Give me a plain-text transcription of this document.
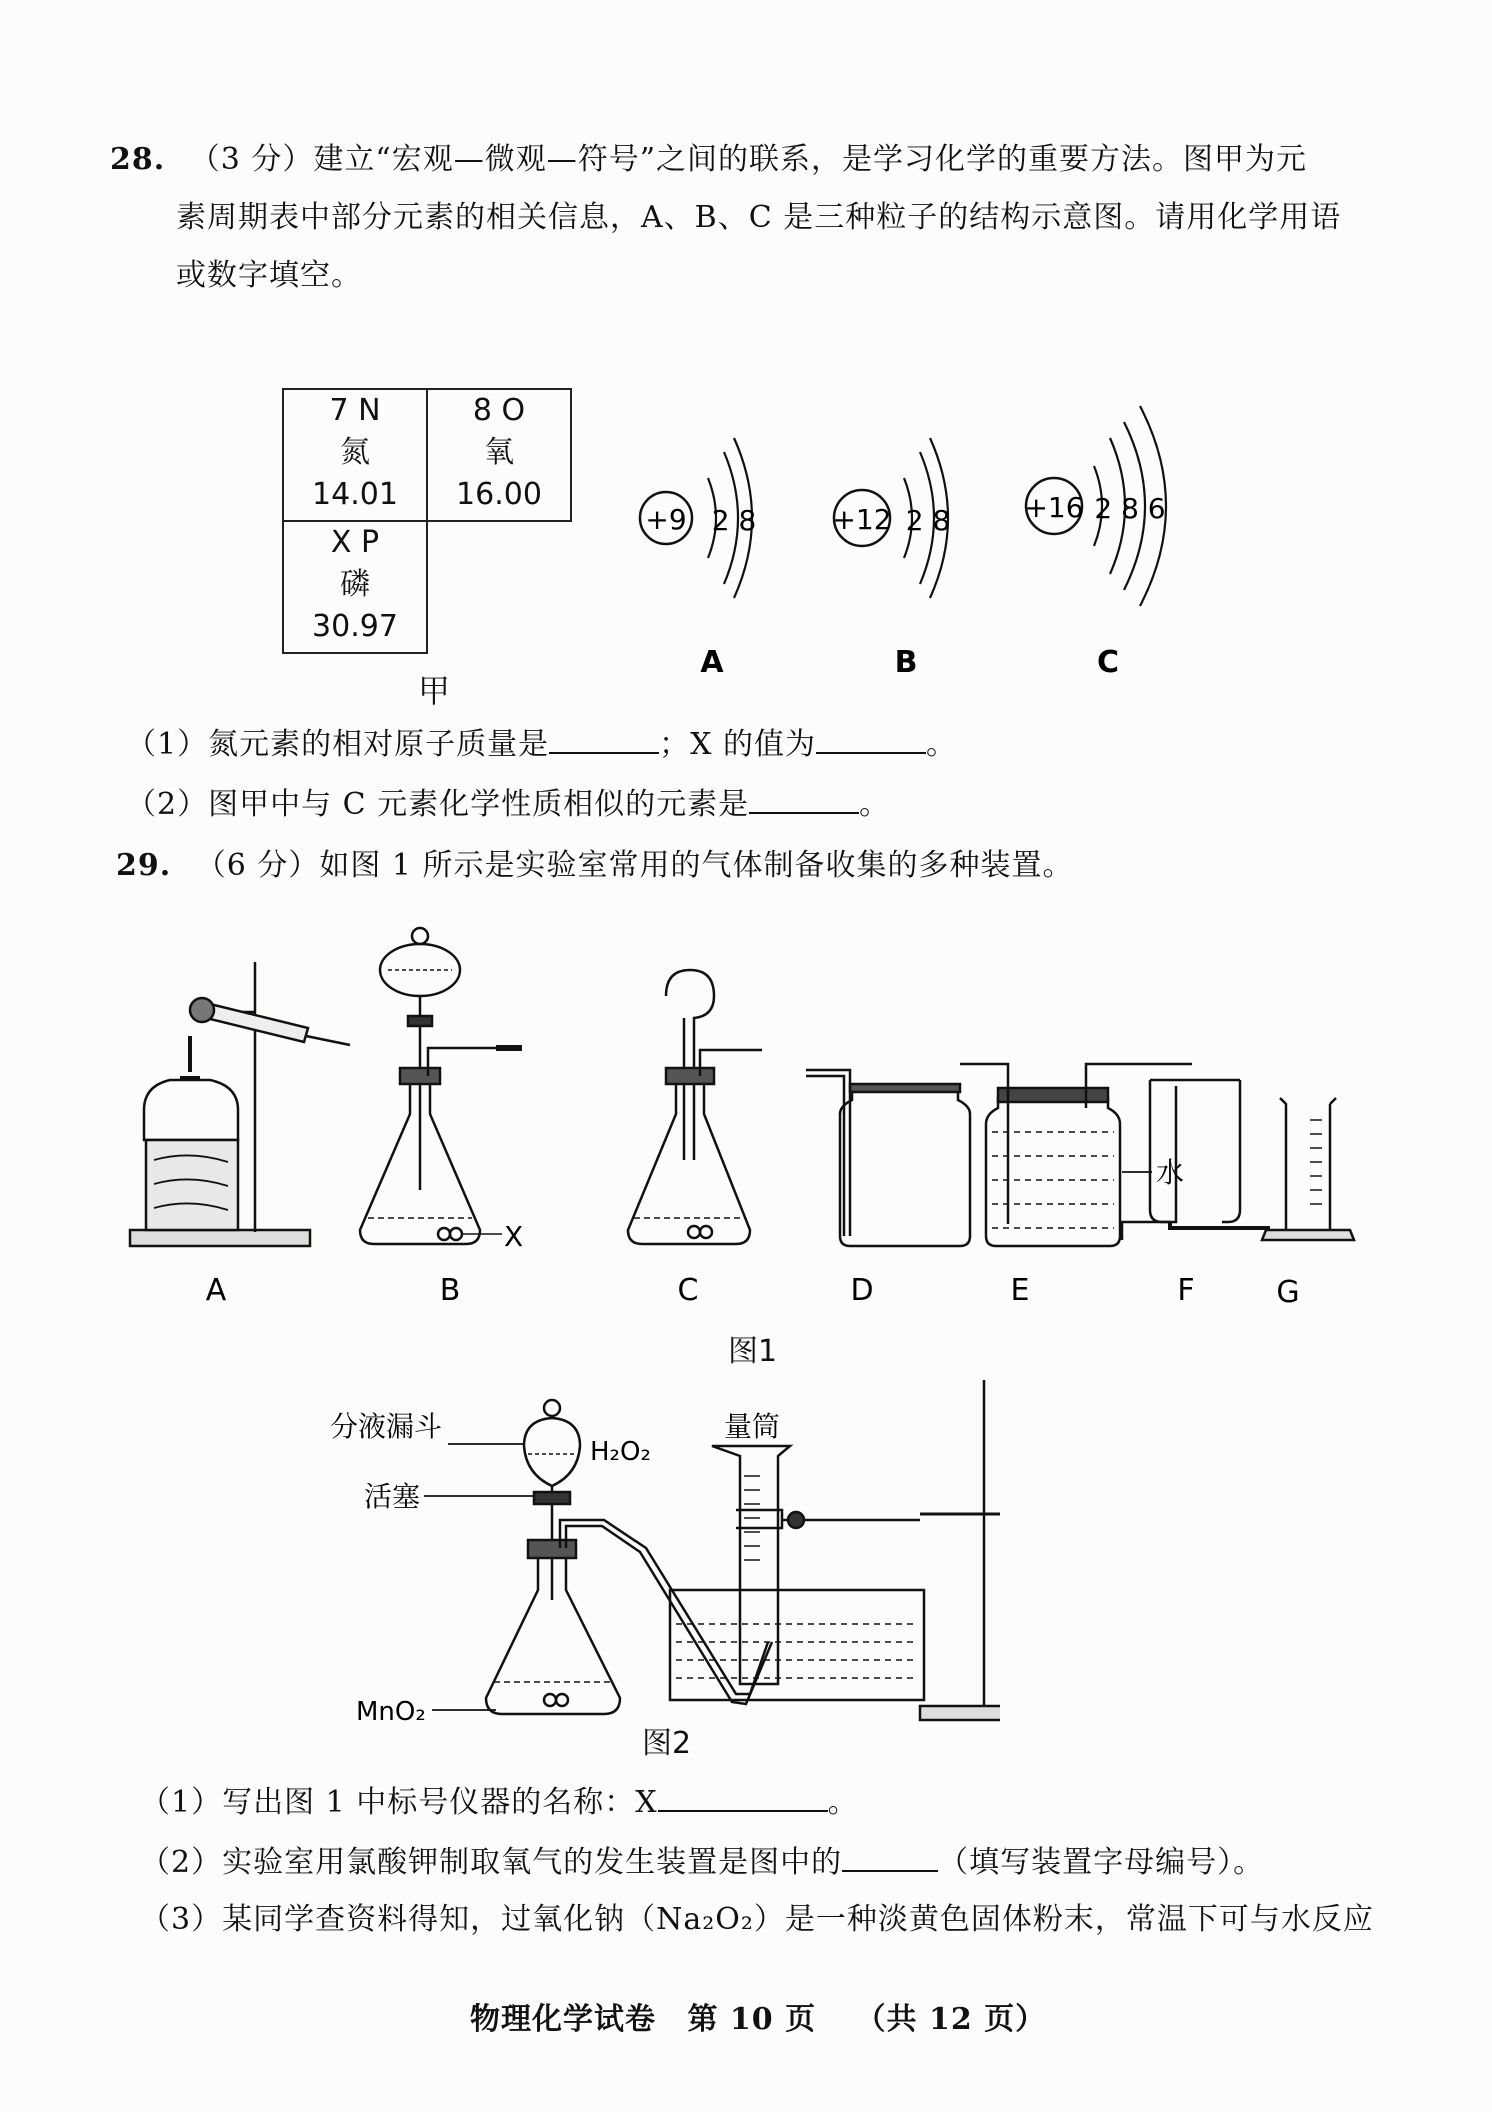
28. （3 分）建立“宏观—微观—符号”之间的联系，是学习化学的重要方法。图甲为元
素周期表中部分元素的相关信息，A、B、C 是三种粒子的结构示意图。请用化学用语
或数字填空。
7 N
氮
14.01
8 O
氧
16.00
X P
磷
30.97
甲
+9 2 8
A
+12 2 8
B
+16 2 8 6
C
（1）氮元素的相对原子质量是	；X 的值为	。
（2）图甲中与 C 元素化学性质相似的元素是	。
29. （6 分）如图 1 所示是实验室常用的气体制备收集的多种装置。
X
水
A	B	C	D	E	F	G
图1
分液漏斗
H₂O₂
活塞
MnO₂
量筒
图2
（1）写出图 1 中标号仪器的名称：X	。
（2）实验室用氯酸钾制取氧气的发生装置是图中的	（填写装置字母编号）。
（3）某同学查资料得知，过氧化钠（Na₂O₂）是一种淡黄色固体粉末，常温下可与水反应
物理化学试卷 第 10 页 （共 12 页）
